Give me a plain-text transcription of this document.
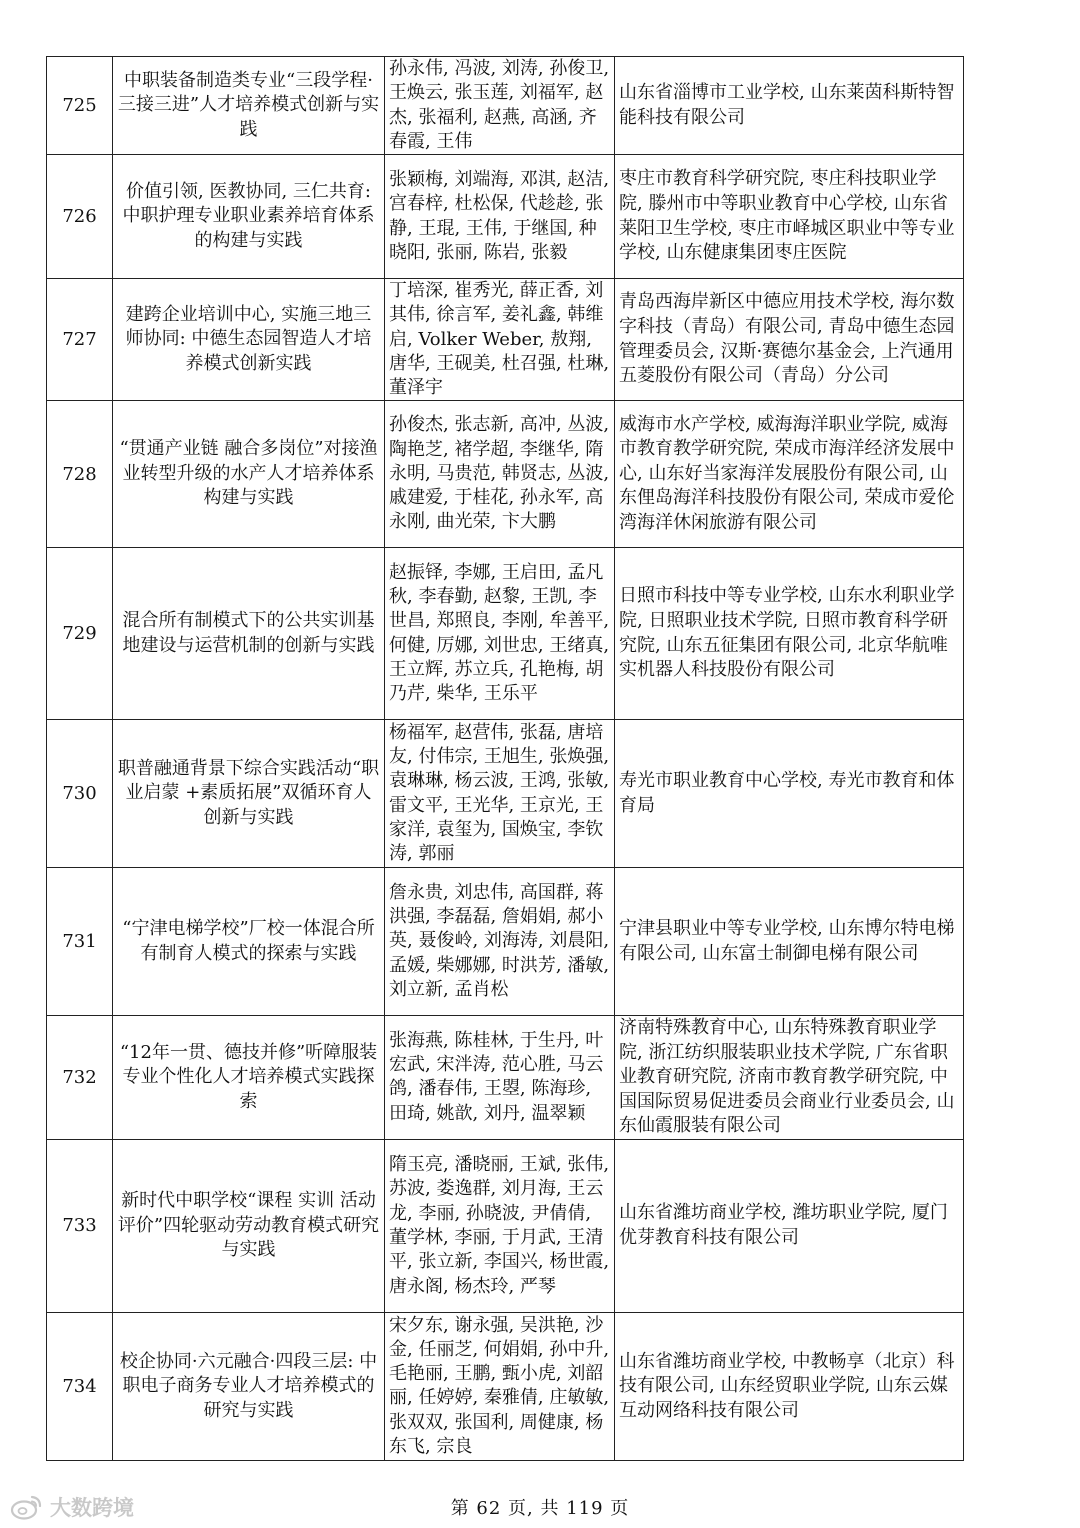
725	中职装备制造类专业“三段学程·三接三进”人才培养模式创新与实践	孙永伟, 冯波, 刘涛, 孙俊卫, 王焕云, 张玉莲, 刘福军, 赵杰, 张福利, 赵燕, 高涵, 齐春霞, 王伟	山东省淄博市工业学校, 山东莱茵科斯特智能科技有限公司

726	价值引领, 医教协同, 三仁共育: 中职护理专业职业素养培育体系的构建与实践	张颖梅, 刘端海, 邓淇, 赵洁, 宫春梓, 杜松保, 代趁趁, 张静, 王琨, 王伟, 于继国, 种晓阳, 张丽, 陈岩, 张毅	枣庄市教育科学研究院, 枣庄科技职业学院, 滕州市中等职业教育中心学校, 山东省莱阳卫生学校, 枣庄市峄城区职业中等专业学校, 山东健康集团枣庄医院

727	建跨企业培训中心, 实施三地三师协同: 中德生态园智造人才培养模式创新实践	丁培深, 崔秀光, 薛正香, 刘其伟, 徐言军, 姜礼鑫, 韩维启, Volker Weber, 敖翔, 唐华, 王砚美, 杜召强, 杜琳, 董泽宇	青岛西海岸新区中德应用技术学校, 海尔数字科技（青岛）有限公司, 青岛中德生态园管理委员会, 汉斯·赛德尔基金会, 上汽通用五菱股份有限公司（青岛）分公司

728	“贯通产业链 融合多岗位”对接渔业转型升级的水产人才培养体系构建与实践	孙俊杰, 张志新, 高冲, 丛波, 陶艳芝, 褚学超, 李继华, 隋永明, 马贵范, 韩贤志, 丛波, 戚建爱, 于桂花, 孙永军, 高永刚, 曲光荣, 卞大鹏	威海市水产学校, 威海海洋职业学院, 威海市教育教学研究院, 荣成市海洋经济发展中心, 山东好当家海洋发展股份有限公司, 山东俚岛海洋科技股份有限公司, 荣成市爱伦湾海洋休闲旅游有限公司

729	混合所有制模式下的公共实训基地建设与运营机制的创新与实践	赵振铎, 李娜, 王启田, 孟凡秋, 李春勤, 赵黎, 王凯, 李世昌, 郑照良, 李刚, 牟善平, 何健, 厉娜, 刘世忠, 王绪真, 王立辉, 苏立兵, 孔艳梅, 胡乃芹, 柴华, 王乐平	日照市科技中等专业学校, 山东水利职业学院, 日照职业技术学院, 日照市教育科学研究院, 山东五征集团有限公司, 北京华航唯实机器人科技股份有限公司

730	职普融通背景下综合实践活动“职业启蒙 +素质拓展”双循环育人创新与实践	杨福军, 赵营伟, 张磊, 唐培友, 付伟宗, 王旭生, 张焕强, 袁琳琳, 杨云波, 王鸿, 张敏, 雷文平, 王光华, 王京光, 王家洋, 袁玺为, 国焕宝, 李钦涛, 郭丽	寿光市职业教育中心学校, 寿光市教育和体育局

731	“宁津电梯学校”厂校一体混合所有制育人模式的探索与实践	詹永贵, 刘忠伟, 高国群, 蒋洪强, 李磊磊, 詹娟娟, 郝小英, 聂俊岭, 刘海涛, 刘晨阳, 孟媛, 柴娜娜, 时洪芳, 潘敏, 刘立新, 孟肖松	宁津县职业中等专业学校, 山东博尔特电梯有限公司, 山东富士制御电梯有限公司

732	“12年一贯、德技并修”听障服装专业个性化人才培养模式实践探索	张海燕, 陈桂林, 于生丹, 叶宏武, 宋泮涛, 范心胜, 马云鸽, 潘春伟, 王曌, 陈海珍, 田琦, 姚歆, 刘丹, 温翠颖	济南特殊教育中心, 山东特殊教育职业学院, 浙江纺织服装职业技术学院, 广东省职业教育研究院, 济南市教育教学研究院, 中国国际贸易促进委员会商业行业委员会, 山东仙霞服装有限公司

733	新时代中职学校“课程 实训 活动 评价”四轮驱动劳动教育模式研究与实践	隋玉亮, 潘晓丽, 王斌, 张伟, 苏波, 娄逸群, 刘月海, 王云龙, 李丽, 孙晓波, 尹倩倩, 董学林, 李丽, 于月武, 王清平, 张立新, 李国兴, 杨世霞, 唐永阁, 杨杰玲, 严琴	山东省潍坊商业学校, 潍坊职业学院, 厦门优芽教育科技有限公司

734	校企协同·六元融合·四段三层: 中职电子商务专业人才培养模式的研究与实践	宋夕东, 谢永强, 吴洪艳, 沙金, 任丽芝, 何娟娟, 孙中升, 毛艳丽, 王鹏, 甄小虎, 刘韶丽, 任婷婷, 秦雅倩, 庄敏敏, 张双双, 张国利, 周健康, 杨东飞, 宗良	山东省潍坊商业学校, 中教畅享（北京）科技有限公司, 山东经贸职业学院, 山东云媒互动网络科技有限公司
大数跨境	第 62 页, 共 119 页
